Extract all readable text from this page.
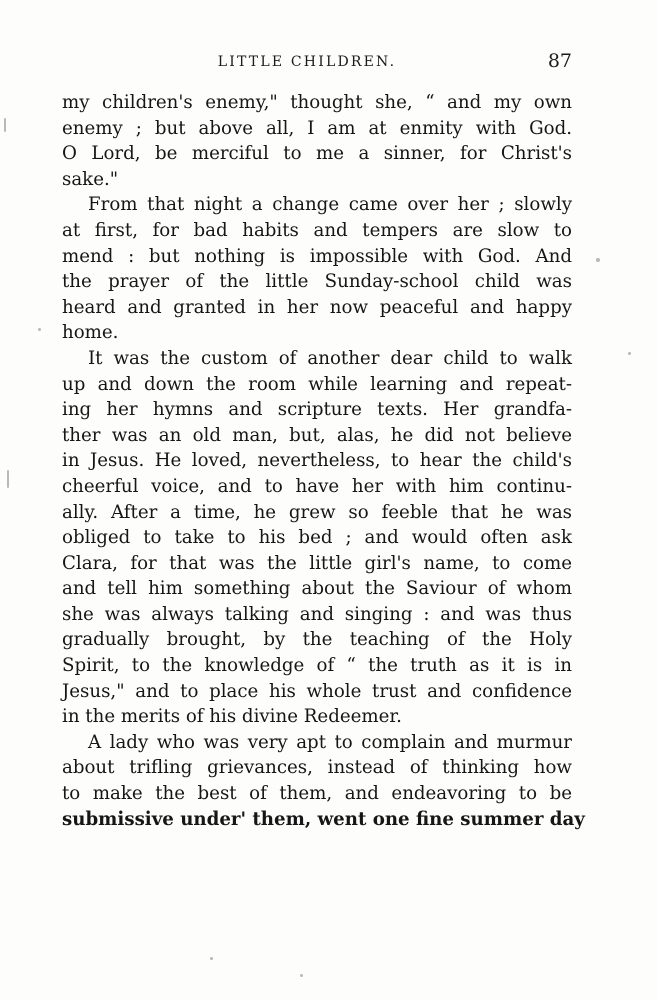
LITTLE CHILDREN.	87
my children's enemy," thought she, “ and my own
enemy ; but above all, I am at enmity with God.
O Lord, be merciful to me a sinner, for Christ's
sake."
From that night a change came over her ; slowly
at first, for bad habits and tempers are slow to
mend : but nothing is impossible with God. And
the prayer of the little Sunday-school child was
heard and granted in her now peaceful and happy
home.
It was the custom of another dear child to walk
up and down the room while learning and repeat-
ing her hymns and scripture texts. Her grandfa-
ther was an old man, but, alas, he did not believe
in Jesus. He loved, nevertheless, to hear the child's
cheerful voice, and to have her with him continu-
ally. After a time, he grew so feeble that he was
obliged to take to his bed ; and would often ask
Clara, for that was the little girl's name, to come
and tell him something about the Saviour of whom
she was always talking and singing : and was thus
gradually brought, by the teaching of the Holy
Spirit, to the knowledge of “ the truth as it is in
Jesus," and to place his whole trust and confidence
in the merits of his divine Redeemer.
A lady who was very apt to complain and murmur
about trifling grievances, instead of thinking how
to make the best of them, and endeavoring to be
submissive under' them, went one fine summer day
